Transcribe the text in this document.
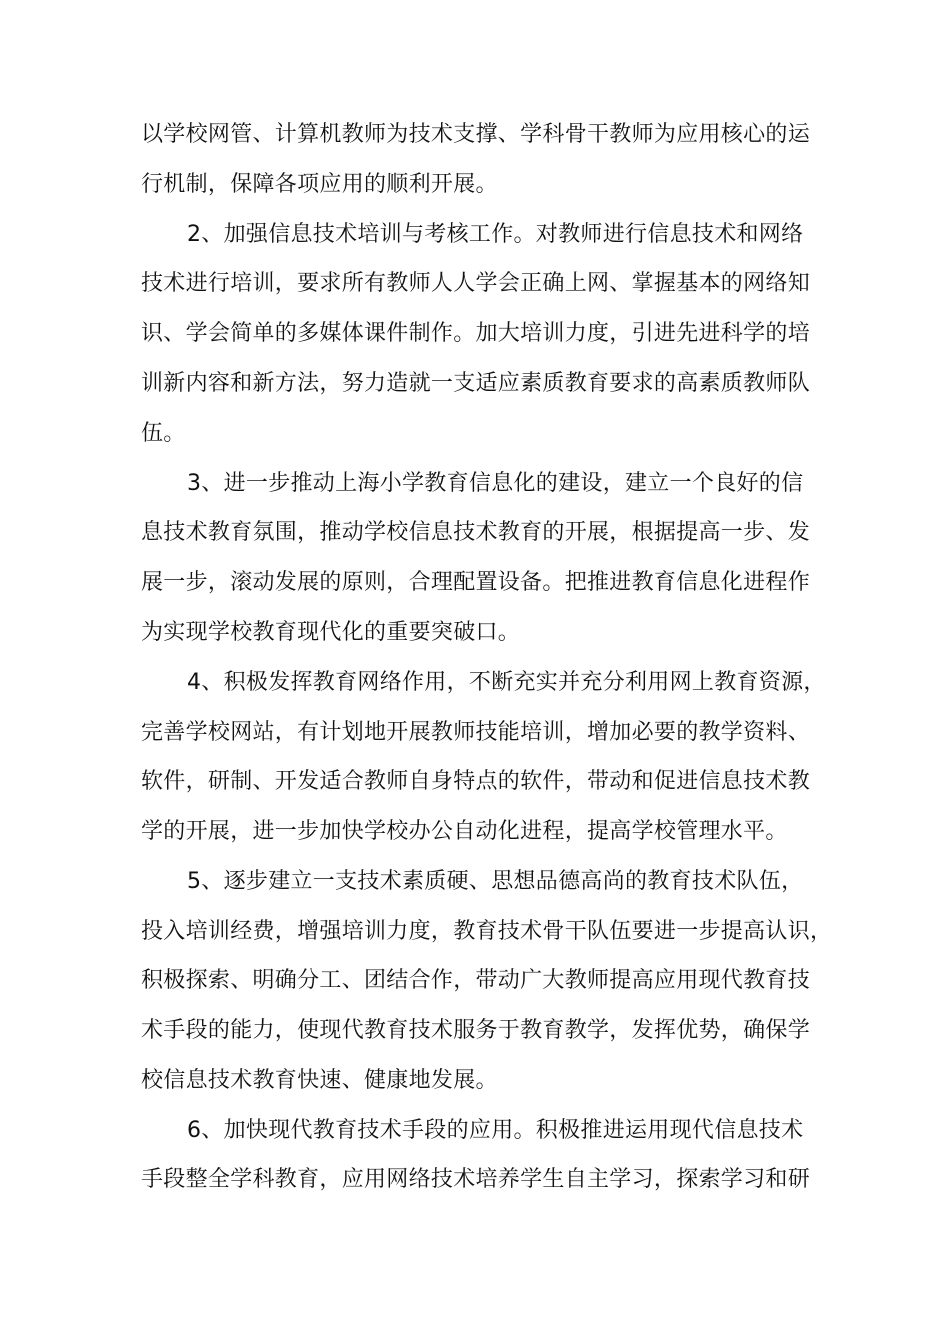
以学校网管、计算机教师为技术支撑、学科骨干教师为应用核心的运

行机制，保障各项应用的顺利开展。

2、加强信息技术培训与考核工作。对教师进行信息技术和网络

技术进行培训，要求所有教师人人学会正确上网、掌握基本的网络知

识、学会简单的多媒体课件制作。加大培训力度，引进先进科学的培

训新内容和新方法，努力造就一支适应素质教育要求的高素质教师队

伍。

3、进一步推动上海小学教育信息化的建设，建立一个良好的信

息技术教育氛围，推动学校信息技术教育的开展，根据提高一步、发

展一步，滚动发展的原则，合理配置设备。把推进教育信息化进程作

为实现学校教育现代化的重要突破口。

4、积极发挥教育网络作用，不断充实并充分利用网上教育资源，

完善学校网站，有计划地开展教师技能培训，增加必要的教学资料、

软件，研制、开发适合教师自身特点的软件，带动和促进信息技术教

学的开展，进一步加快学校办公自动化进程，提高学校管理水平。

5、逐步建立一支技术素质硬、思想品德高尚的教育技术队伍，

投入培训经费，增强培训力度，教育技术骨干队伍要进一步提高认识，

积极探索、明确分工、团结合作，带动广大教师提高应用现代教育技

术手段的能力，使现代教育技术服务于教育教学，发挥优势，确保学

校信息技术教育快速、健康地发展。

6、加快现代教育技术手段的应用。积极推进运用现代信息技术

手段整全学科教育，应用网络技术培养学生自主学习，探索学习和研
